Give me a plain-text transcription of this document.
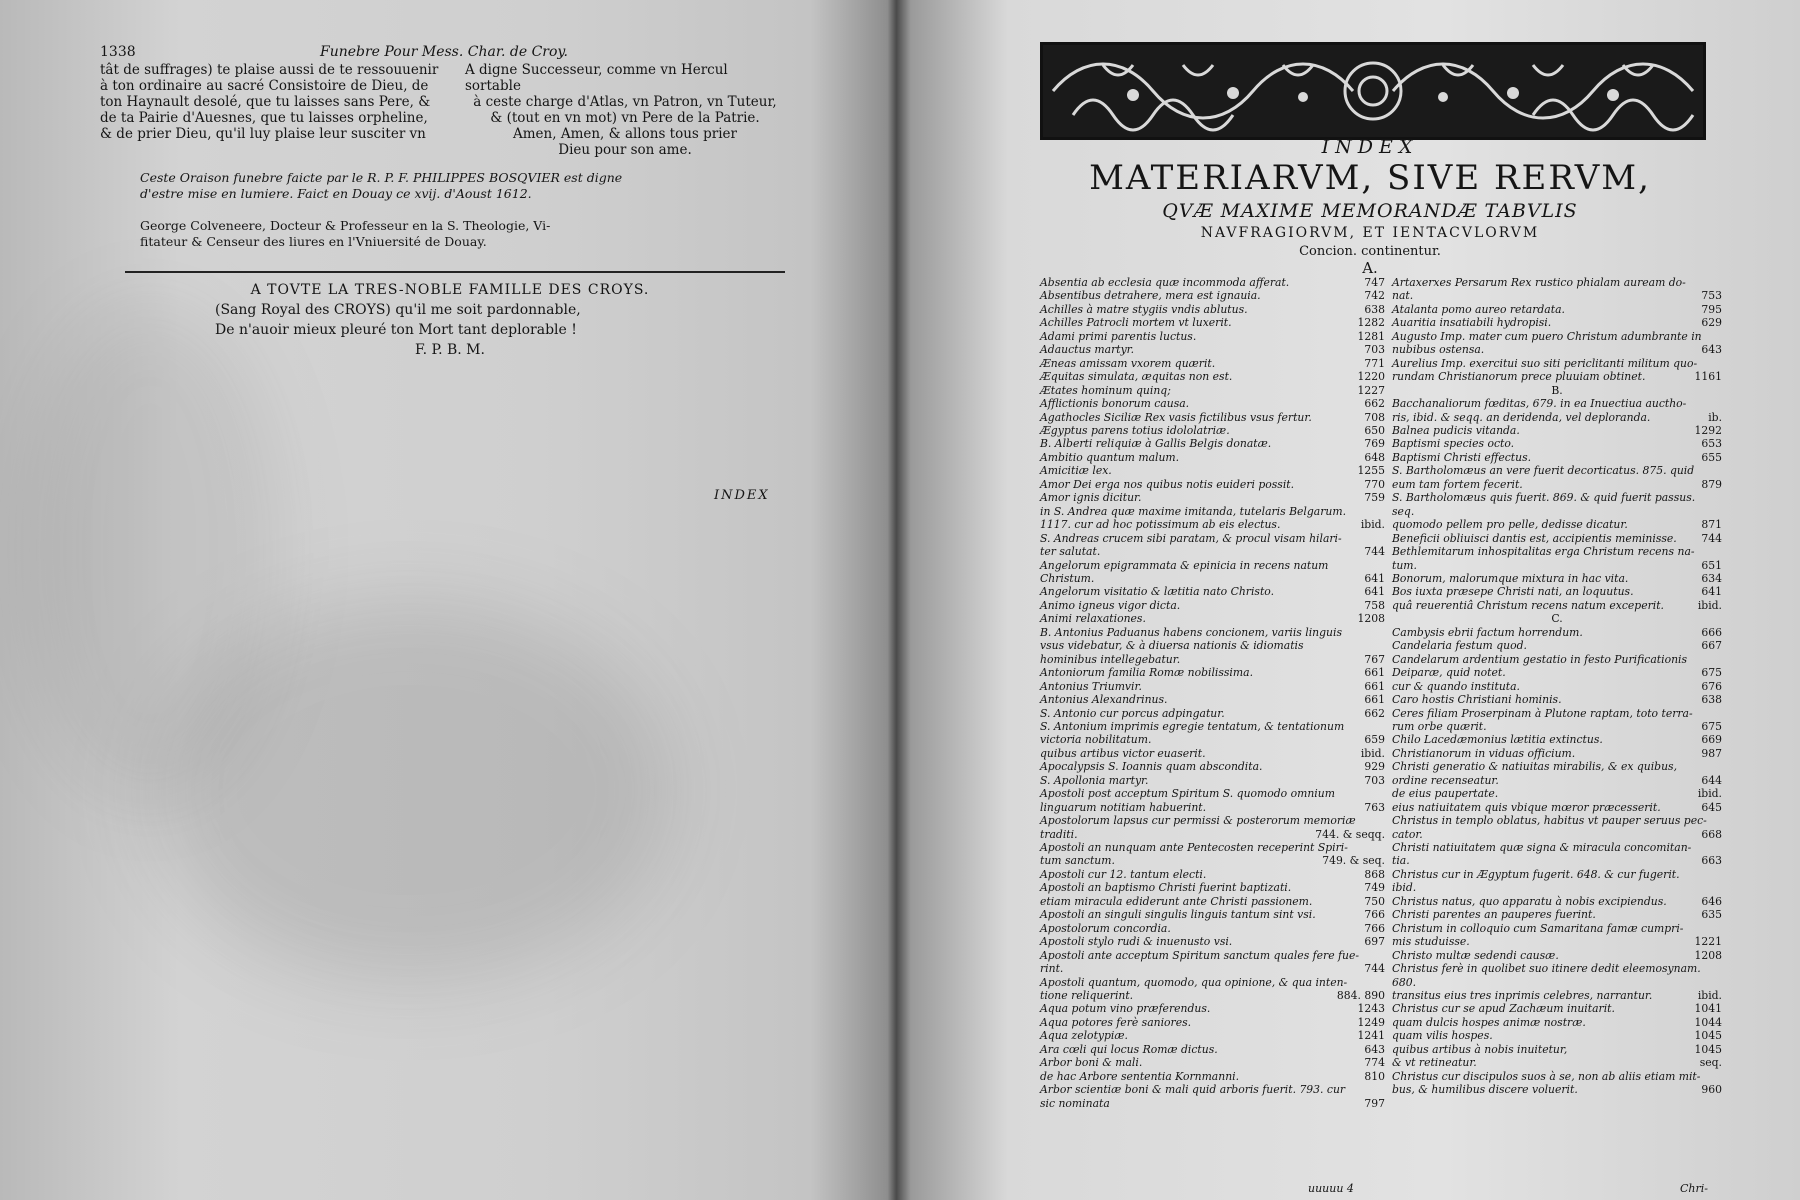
1338	Funebre Pour Mess. Char. de Croy.
tât de suffrages) te plaise aussi de te ressouuenir
à ton ordinaire au sacré Consistoire de Dieu, de
ton Haynault desolé, que tu laisses sans Pere, &
de ta Pairie d'Auesnes, que tu laisses orpheline,
& de prier Dieu, qu'il luy plaise leur susciter vn
A digne Successeur, comme vn Hercul sortable
à ceste charge d'Atlas, vn Patron, vn Tuteur,
& (tout en vn mot) vn Pere de la Patrie.
Amen, Amen, & allons tous prier
Dieu pour son ame.
Ceste Oraison funebre faicte par le R. P. F. PHILIPPES BOSQVIER est digne
d'estre mise en lumiere. Faict en Douay ce xvij. d'Aoust 1612.
George Colveneere, Docteur & Professeur en la S. Theologie, Vi-
fitateur & Censeur des liures en l'Vniuersité de Douay.
A TOVTE LA TRES-NOBLE FAMILLE DES CROYS.
(Sang Royal des CROYS) qu'il me soit pardonnable,
De n'auoir mieux pleuré ton Mort tant deplorable !
F. P. B. M.
INDEX
INDEX
MATERIARVM, SIVE RERVM,
QVÆ MAXIME MEMORANDÆ TABVLIS
NAVFRAGIORVM, ET IENTACVLORVM
Concion. continentur.
A.
Absentia ab ecclesia quæ incommoda afferat.	747
Absentibus detrahere, mera est ignauia.	742
Achilles à matre stygiis vndis ablutus.	638
Achilles Patrocli mortem vt luxerit.	1282
Adami primi parentis luctus.	1281
Adauctus martyr.	703
Æneas amissam vxorem quærit.	771
Æquitas simulata, æquitas non est.	1220
Ætates hominum quinq;	1227
Afflictionis bonorum causa.	662
Agathocles Siciliæ Rex vasis fictilibus vsus fertur.	708
Ægyptus parens totius idololatriæ.	650
B. Alberti reliquiæ à Gallis Belgis donatæ.	769
Ambitio quantum malum.	648
Amicitiæ lex.	1255
Amor Dei erga nos quibus notis euideri possit.	770
Amor ignis dicitur.	759
in S. Andrea quæ maxime imitanda, tutelaris Belgarum.
1117. cur ad hoc potissimum ab eis electus.	ibid.
S. Andreas crucem sibi paratam, & procul visam hilari-
ter salutat.	744
Angelorum epigrammata & epinicia in recens natum
Christum.	641
Angelorum visitatio & lætitia nato Christo.	641
Animo igneus vigor dicta.	758
Animi relaxationes.	1208
B. Antonius Paduanus habens concionem, variis linguis
vsus videbatur, & à diuersa nationis & idiomatis
hominibus intellegebatur.	767
Antoniorum familia Romæ nobilissima.	661
Antonius Triumvir.	661
Antonius Alexandrinus.	661
S. Antonio cur porcus adpingatur.	662
S. Antonium imprimis egregie tentatum, & tentationum
victoria nobilitatum.	659
quibus artibus victor euaserit.	ibid.
Apocalypsis S. Ioannis quam abscondita.	929
S. Apollonia martyr.	703
Apostoli post acceptum Spiritum S. quomodo omnium
linguarum notitiam habuerint.	763
Apostolorum lapsus cur permissi & posterorum memoriæ
traditi.	744. & seqq.
Apostoli an nunquam ante Pentecosten receperint Spiri-
tum sanctum.	749. & seq.
Apostoli cur 12. tantum electi.	868
Apostoli an baptismo Christi fuerint baptizati.	749
etiam miracula ediderunt ante Christi passionem.	750
Apostoli an singuli singulis linguis tantum sint vsi.	766
Apostolorum concordia.	766
Apostoli stylo rudi & inuenusto vsi.	697
Apostoli ante acceptum Spiritum sanctum quales fere fue-
rint.	744
Apostoli quantum, quomodo, qua opinione, & qua inten-
tione reliquerint.	884. 890
Aqua potum vino præferendus.	1243
Aqua potores ferè saniores.	1249
Aqua zelotypiæ.	1241
Ara cœli qui locus Romæ dictus.	643
Arbor boni & mali.	774
de hac Arbore sententia Kornmanni.	810
Arbor scientiæ boni & mali quid arboris fuerit. 793. cur
sic nominata	797
Artaxerxes Persarum Rex rustico phialam auream do-
nat.	753
Atalanta pomo aureo retardata.	795
Auaritia insatiabili hydropisi.	629
Augusto Imp. mater cum puero Christum adumbrante in
nubibus ostensa.	643
Aurelius Imp. exercitui suo siti periclitanti militum quo-
rundam Christianorum prece pluuiam obtinet.	1161
B.
Bacchanaliorum fœditas, 679. in ea Inuectiua auctho-
ris, ibid. & seqq. an deridenda, vel deploranda.	ib.
Balnea pudicis vitanda.	1292
Baptismi species octo.	653
Baptismi Christi effectus.	655
S. Bartholomæus an vere fuerit decorticatus. 875. quid
eum tam fortem fecerit.	879
S. Bartholomæus quis fuerit. 869. & quid fuerit passus.
seq.
quomodo pellem pro pelle, dedisse dicatur.	871
Beneficii obliuisci dantis est, accipientis meminisse.	744
Bethlemitarum inhospitalitas erga Christum recens na-
tum.	651
Bonorum, malorumque mixtura in hac vita.	634
Bos iuxta præsepe Christi nati, an loquutus.	641
quâ reuerentiâ Christum recens natum exceperit.	ibid.
C.
Cambysis ebrii factum horrendum.	666
Candelaria festum quod.	667
Candelarum ardentium gestatio in festo Purificationis
Deiparæ, quid notet.	675
cur & quando instituta.	676
Caro hostis Christiani hominis.	638
Ceres filiam Proserpinam à Plutone raptam, toto terra-
rum orbe quærit.	675
Chilo Lacedæmonius lætitia extinctus.	669
Christianorum in viduas officium.	987
Christi generatio & natiuitas mirabilis, & ex quibus,
ordine recenseatur.	644
de eius paupertate.	ibid.
eius natiuitatem quis vbique mœror præcesserit.	645
Christus in templo oblatus, habitus vt pauper seruus pec-
cator.	668
Christi natiuitatem quæ signa & miracula concomitan-
tia.	663
Christus cur in Ægyptum fugerit. 648. & cur fugerit.
ibid.
Christus natus, quo apparatu à nobis excipiendus.	646
Christi parentes an pauperes fuerint.	635
Christum in colloquio cum Samaritana famæ cumpri-
mis studuisse.	1221
Christo multæ sedendi causæ.	1208
Christus ferè in quolibet suo itinere dedit eleemosynam.
680.
transitus eius tres inprimis celebres, narrantur.	ibid.
Christus cur se apud Zachæum inuitarit.	1041
quam dulcis hospes animæ nostræ.	1044
quam vilis hospes.	1045
quibus artibus à nobis inuitetur,	1045
& vt retineatur.	seq.
Christus cur discipulos suos à se, non ab aliis etiam mit-
bus, & humilibus discere voluerit.	960
uuuuu 4	Chri-
